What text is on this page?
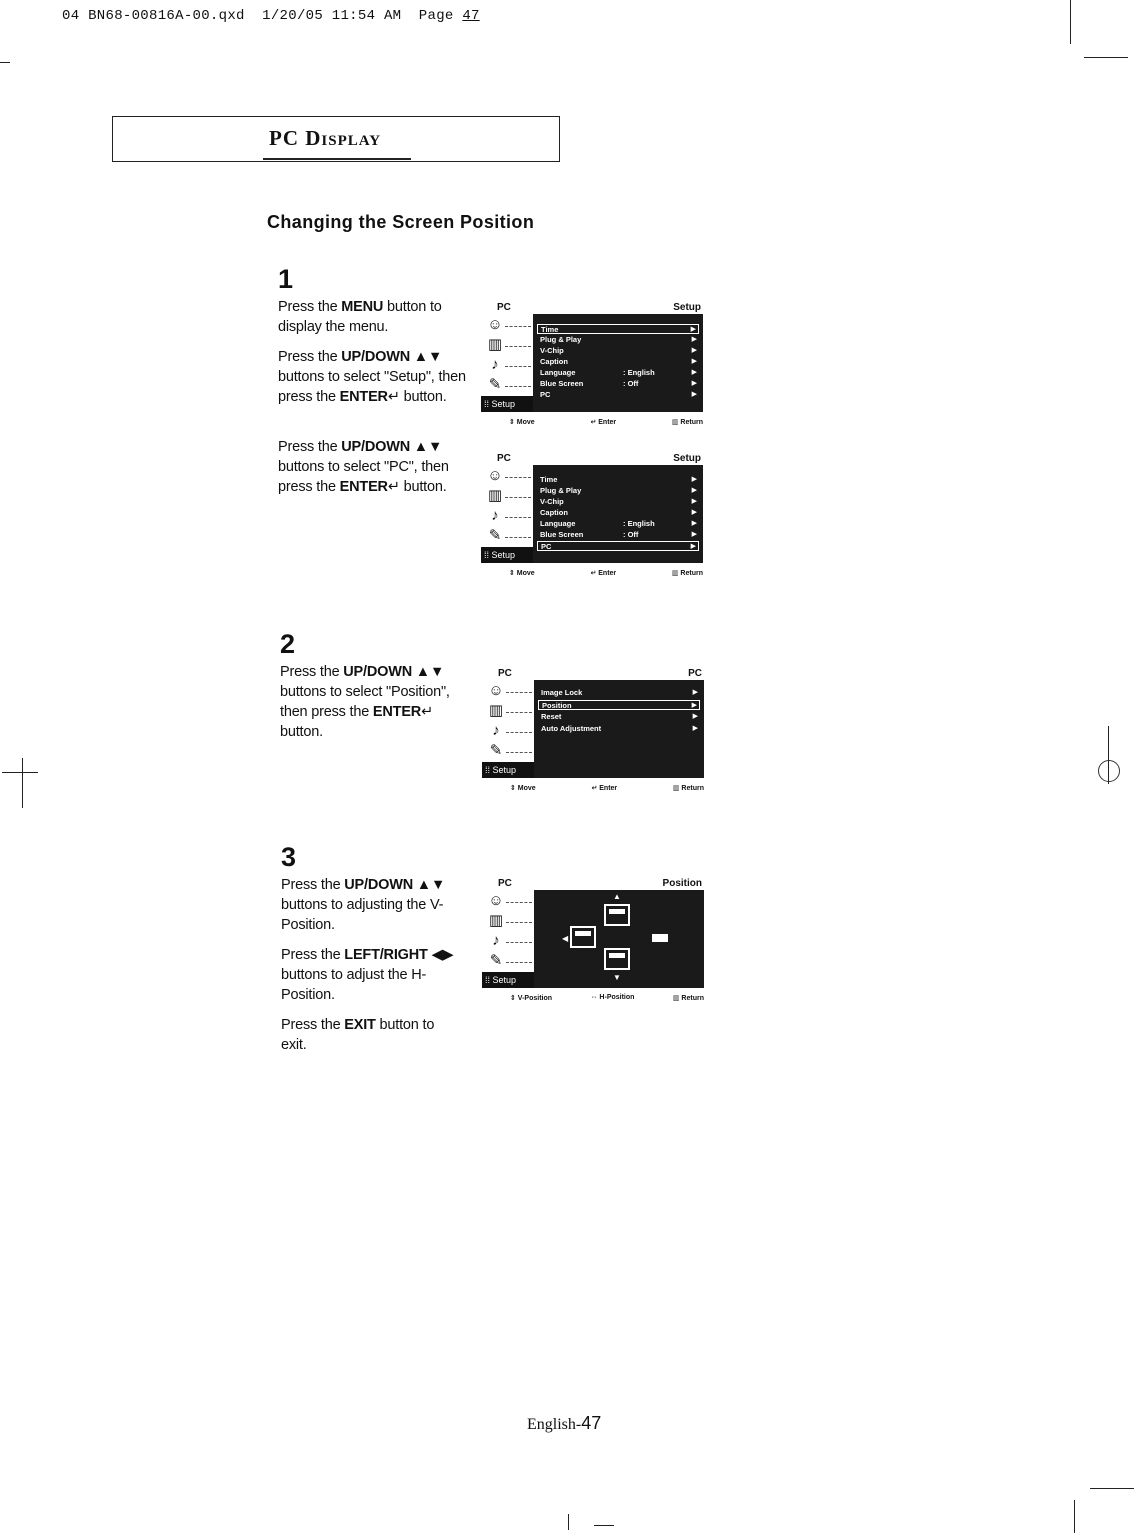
04 BN68-00816A-00.qxd 1/20/05 11:54 AM Page 47
PC Display
Changing the Screen Position
1
Press the MENU button to display the menu.
Press the UP/DOWN ▲▼ buttons to select "Setup", then press the ENTER↵ button.
Press the UP/DOWN ▲▼ buttons to select "PC", then press the ENTER↵ button.
PC	Setup
☺
▥
♪
✎
⁞⁞ Setup
Time	▶
Plug & Play	▶
V-Chip	▶
Caption	▶
Language	: English	▶
Blue Screen	: Off	▶
PC	▶
⇕ Move	↵ Enter	▥ Return
PC	Setup
☺
▥
♪
✎
⁞⁞ Setup
Time	▶
Plug & Play	▶
V-Chip	▶
Caption	▶
Language	: English	▶
Blue Screen	: Off	▶
PC	▶
⇕ Move	↵ Enter	▥ Return
2
Press the UP/DOWN ▲▼ buttons to select "Position", then press the ENTER↵ button.
PC	PC
☺
▥
♪
✎
⁞⁞ Setup
Image Lock	▶
Position	▶
Reset	▶
Auto Adjustment	▶
⇕ Move	↵ Enter	▥ Return
3
Press the UP/DOWN ▲▼ buttons to adjusting the V-Position.
Press the LEFT/RIGHT ◀▶ buttons to adjust the H-Position.
Press the EXIT button to exit.
PC	Position
☺
▥
♪
✎
⁞⁞ Setup
▲
◀
▼
⇕ V-Position	⇔ H-Position	▥ Return
English-47
